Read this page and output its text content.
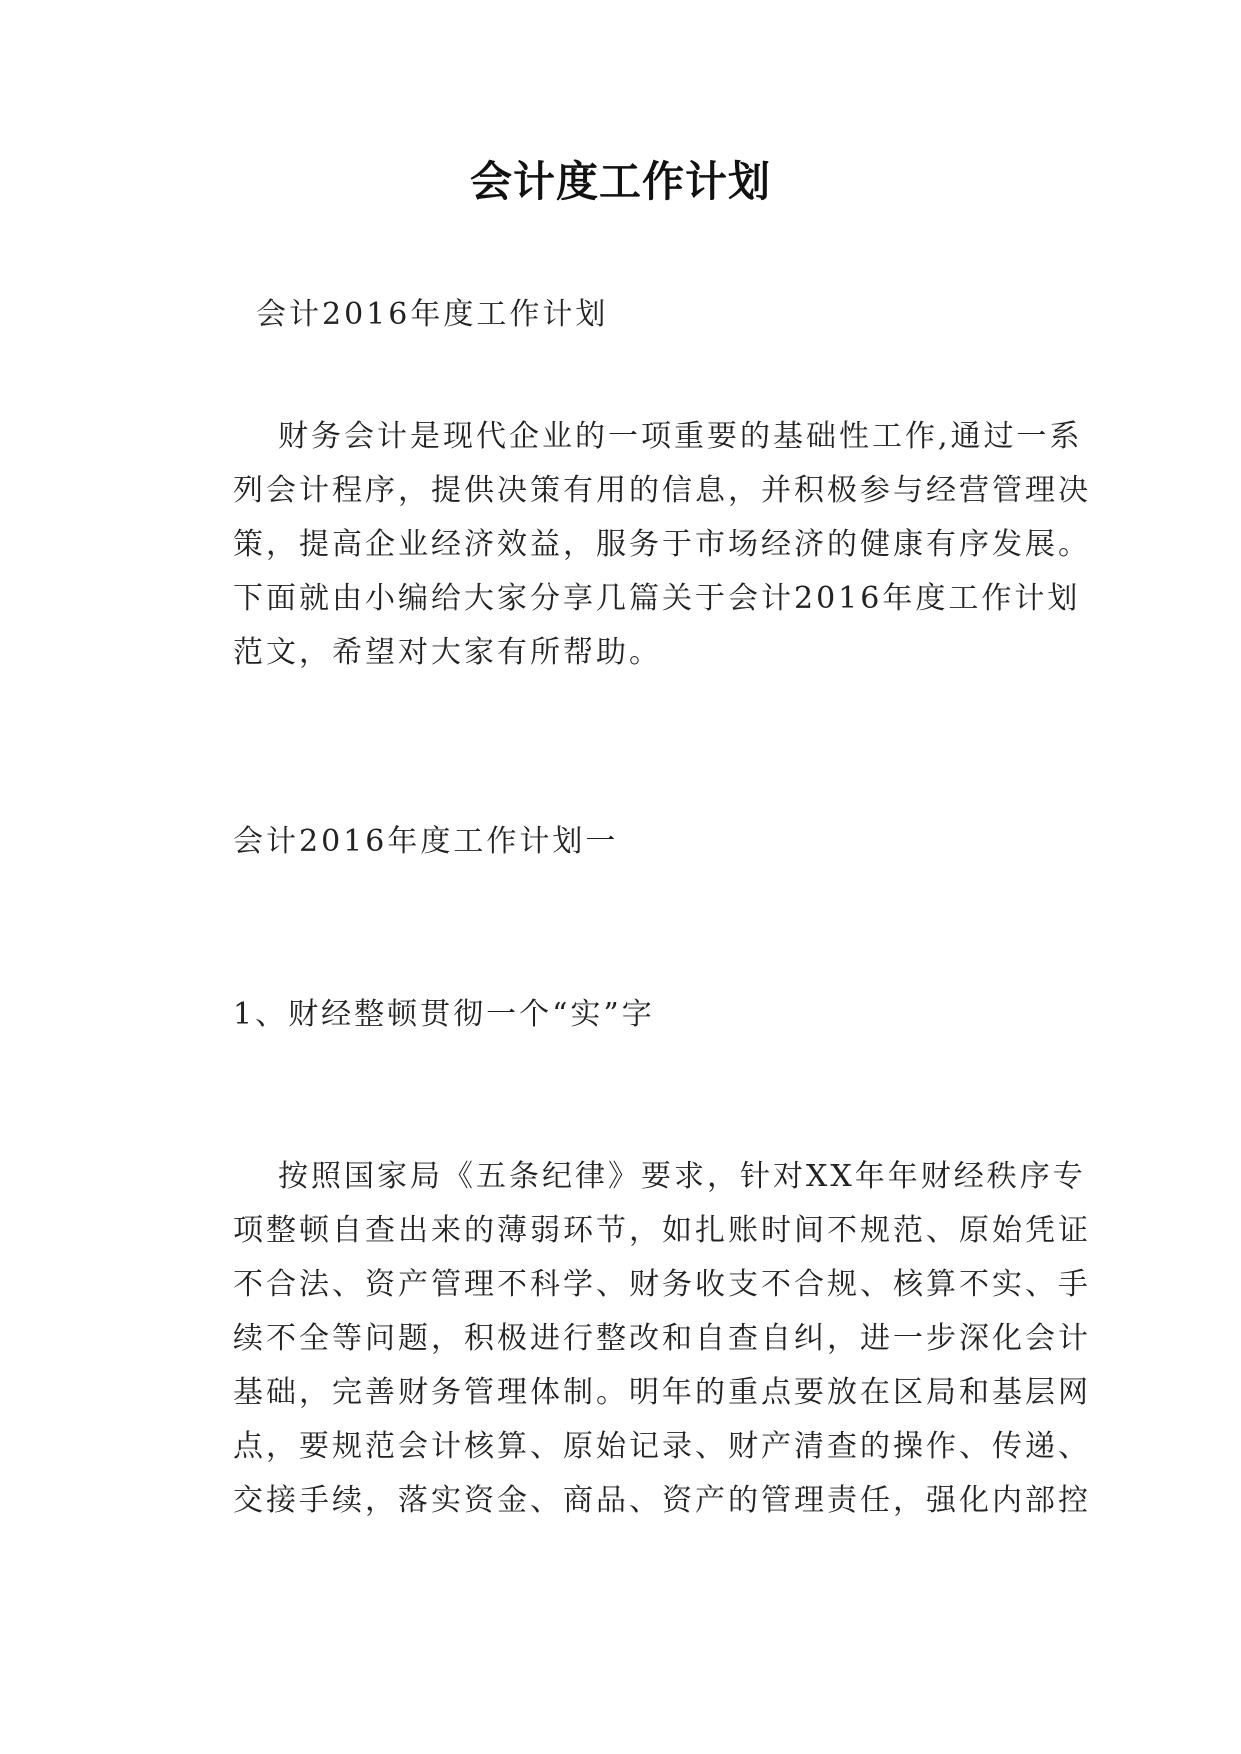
会计度工作计划
会计2016年度工作计划
财务会计是现代企业的一项重要的基础性工作,通过一系
列会计程序，提供决策有用的信息，并积极参与经营管理决
策，提高企业经济效益，服务于市场经济的健康有序发展。
下面就由小编给大家分享几篇关于会计2016年度工作计划
范文，希望对大家有所帮助。
会计2016年度工作计划一
1、财经整顿贯彻一个“实”字
按照国家局《五条纪律》要求，针对XX年年财经秩序专
项整顿自查出来的薄弱环节，如扎账时间不规范、原始凭证
不合法、资产管理不科学、财务收支不合规、核算不实、手
续不全等问题，积极进行整改和自查自纠，进一步深化会计
基础，完善财务管理体制。明年的重点要放在区局和基层网
点，要规范会计核算、原始记录、财产清查的操作、传递、
交接手续，落实资金、商品、资产的管理责任，强化内部控
